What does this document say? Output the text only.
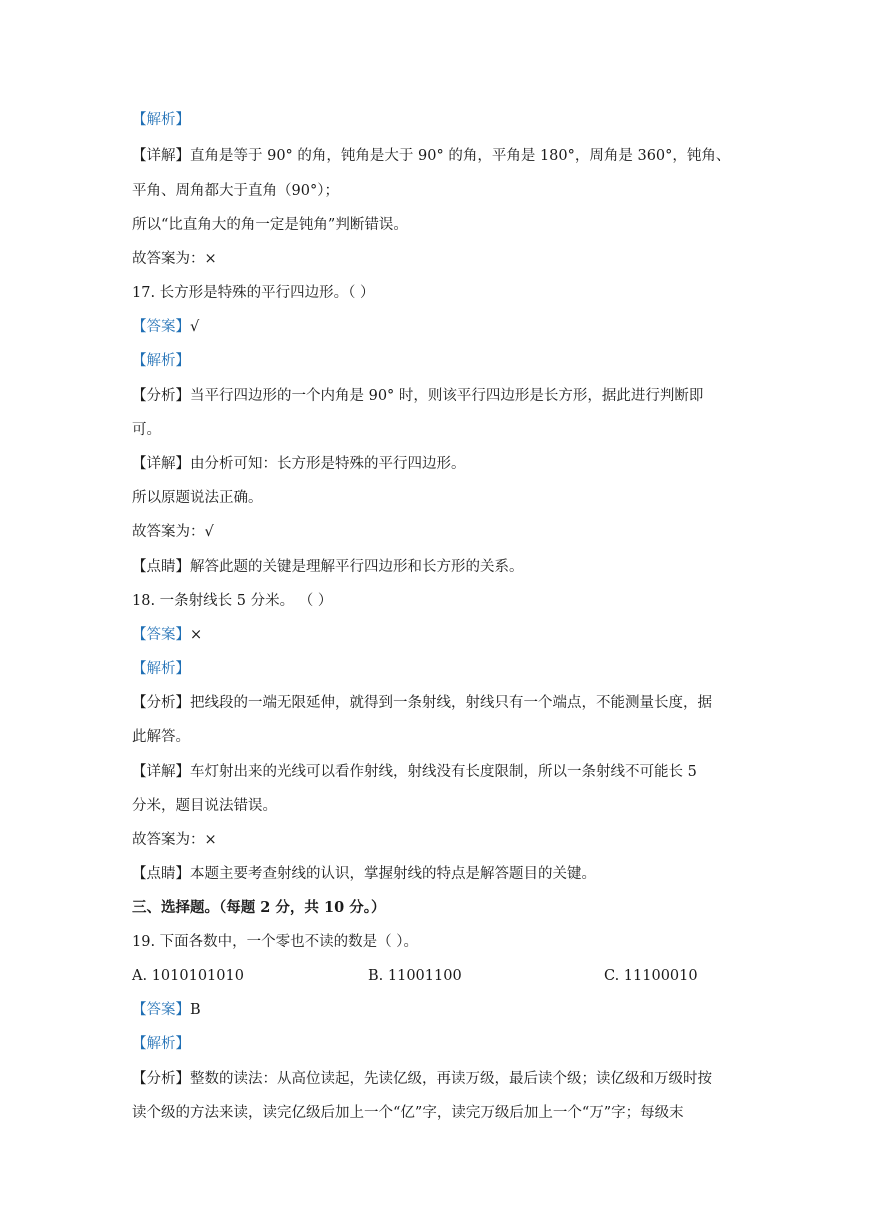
【解析】
【详解】直角是等于 90° 的角，钝角是大于 90° 的角，平角是 180°，周角是 360°，钝角、
平角、周角都大于直角（90°）；
所以“比直角大的角一定是钝角”判断错误。
故答案为：×
17. 长方形是特殊的平行四边形。（ ）
【答案】√
【解析】
【分析】当平行四边形的一个内角是 90° 时，则该平行四边形是长方形，据此进行判断即
可。
【详解】由分析可知：长方形是特殊的平行四边形。
所以原题说法正确。
故答案为：√
【点睛】解答此题的关键是理解平行四边形和长方形的关系。
18. 一条射线长 5 分米。 （ ）
【答案】×
【解析】
【分析】把线段的一端无限延伸，就得到一条射线，射线只有一个端点，不能测量长度，据
此解答。
【详解】车灯射出来的光线可以看作射线，射线没有长度限制，所以一条射线不可能长 5
分米，题目说法错误。
故答案为：×
【点睛】本题主要考查射线的认识，掌握射线的特点是解答题目的关键。
三、选择题。（每题 2 分，共 10 分。）
19. 下面各数中，一个零也不读的数是（ ）。
A. 1010101010	B. 11001100	C. 11100010
【答案】B
【解析】
【分析】整数的读法：从高位读起，先读亿级，再读万级，最后读个级；读亿级和万级时按
读个级的方法来读，读完亿级后加上一个“亿”字，读完万级后加上一个“万”字；每级末
